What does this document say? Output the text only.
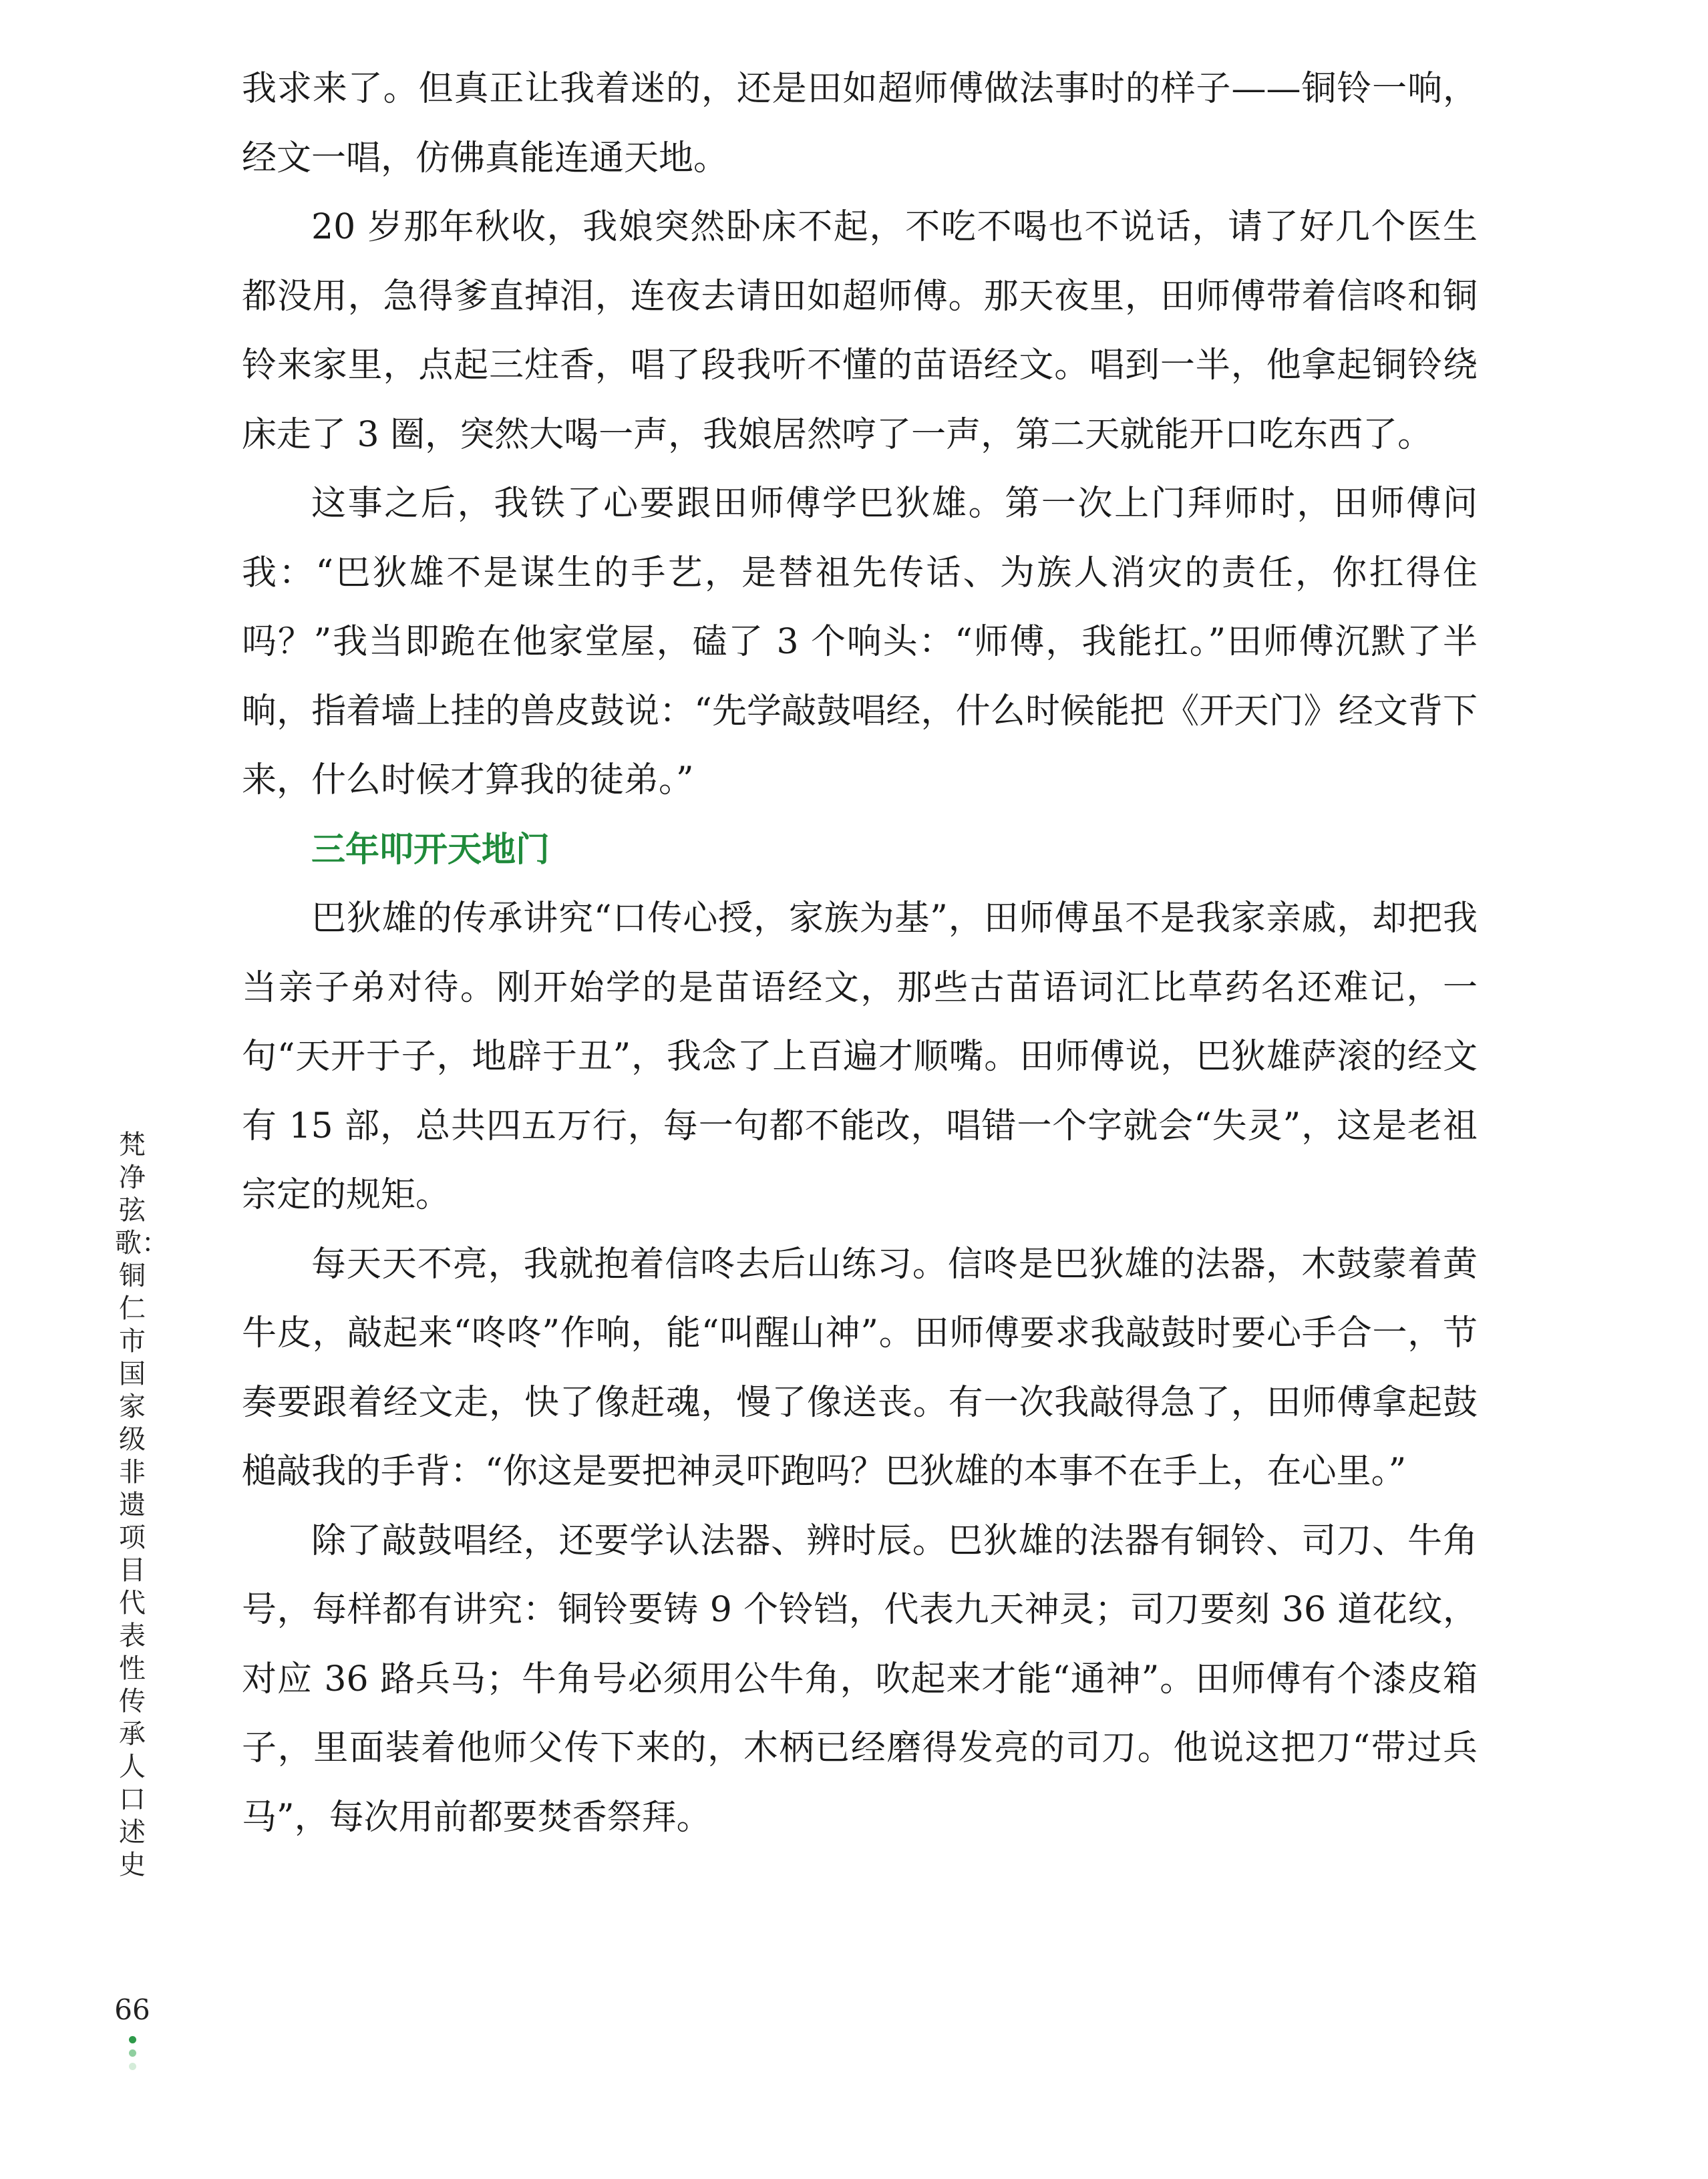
我求来了。但真正让我着迷的，还是田如超师傅做法事时的样子——铜铃一响，经文一唱，仿佛真能连通天地。

20 岁那年秋收，我娘突然卧床不起，不吃不喝也不说话，请了好几个医生都没用，急得爹直掉泪，连夜去请田如超师傅。那天夜里，田师傅带着信咚和铜铃来家里，点起三炷香，唱了段我听不懂的苗语经文。唱到一半，他拿起铜铃绕床走了 3 圈，突然大喝一声，我娘居然哼了一声，第二天就能开口吃东西了。

这事之后，我铁了心要跟田师傅学巴狄雄。第一次上门拜师时，田师傅问我：“巴狄雄不是谋生的手艺，是替祖先传话、为族人消灾的责任，你扛得住吗？”我当即跪在他家堂屋，磕了 3 个响头：“师傅，我能扛。”田师傅沉默了半晌，指着墙上挂的兽皮鼓说：“先学敲鼓唱经，什么时候能把《开天门》经文背下来，什么时候才算我的徒弟。”

三年叩开天地门

巴狄雄的传承讲究“口传心授，家族为基”，田师傅虽不是我家亲戚，却把我当亲子弟对待。刚开始学的是苗语经文，那些古苗语词汇比草药名还难记，一句“天开于子，地辟于丑”，我念了上百遍才顺嘴。田师傅说，巴狄雄萨滚的经文有 15 部，总共四五万行，每一句都不能改，唱错一个字就会“失灵”，这是老祖宗定的规矩。

每天天不亮，我就抱着信咚去后山练习。信咚是巴狄雄的法器，木鼓蒙着黄牛皮，敲起来“咚咚”作响，能“叫醒山神”。田师傅要求我敲鼓时要心手合一，节奏要跟着经文走，快了像赶魂，慢了像送丧。有一次我敲得急了，田师傅拿起鼓槌敲我的手背：“你这是要把神灵吓跑吗？巴狄雄的本事不在手上，在心里。”

除了敲鼓唱经，还要学认法器、辨时辰。巴狄雄的法器有铜铃、司刀、牛角号，每样都有讲究：铜铃要铸 9 个铃铛，代表九天神灵；司刀要刻 36 道花纹，对应 36 路兵马；牛角号必须用公牛角，吹起来才能“通神”。田师傅有个漆皮箱子，里面装着他师父传下来的，木柄已经磨得发亮的司刀。他说这把刀“带过兵马”，每次用前都要焚香祭拜。

梵净弦歌：铜仁市国家级非遗项目代表性传承人口述史
66
